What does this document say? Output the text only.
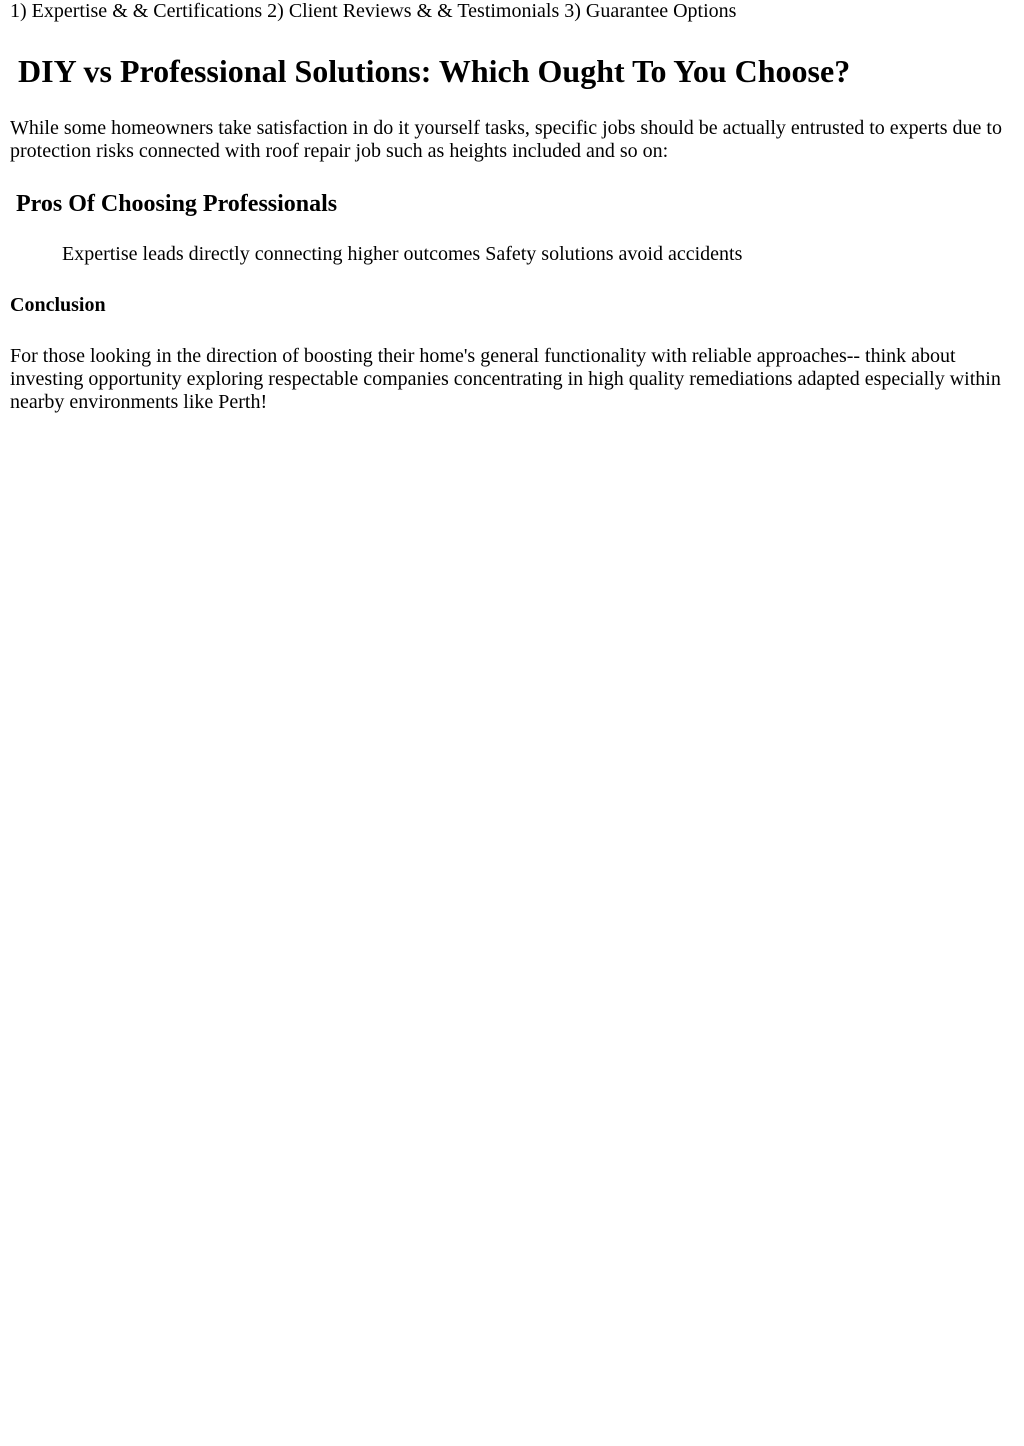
1) Expertise & & Certifications 2) Client Reviews & & Testimonials 3) Guarantee Options

DIY vs Professional Solutions: Which Ought To You Choose?

While some homeowners take satisfaction in do it yourself tasks, specific jobs should be actually entrusted to experts due to protection risks connected with roof repair job such as heights included and so on:

Pros Of Choosing Professionals
Expertise leads directly connecting higher outcomes Safety solutions avoid accidents
Conclusion

For those looking in the direction of boosting their home's general functionality with reliable approaches-- think about investing opportunity exploring respectable companies concentrating in high quality remediations adapted especially within nearby environments like Perth!
